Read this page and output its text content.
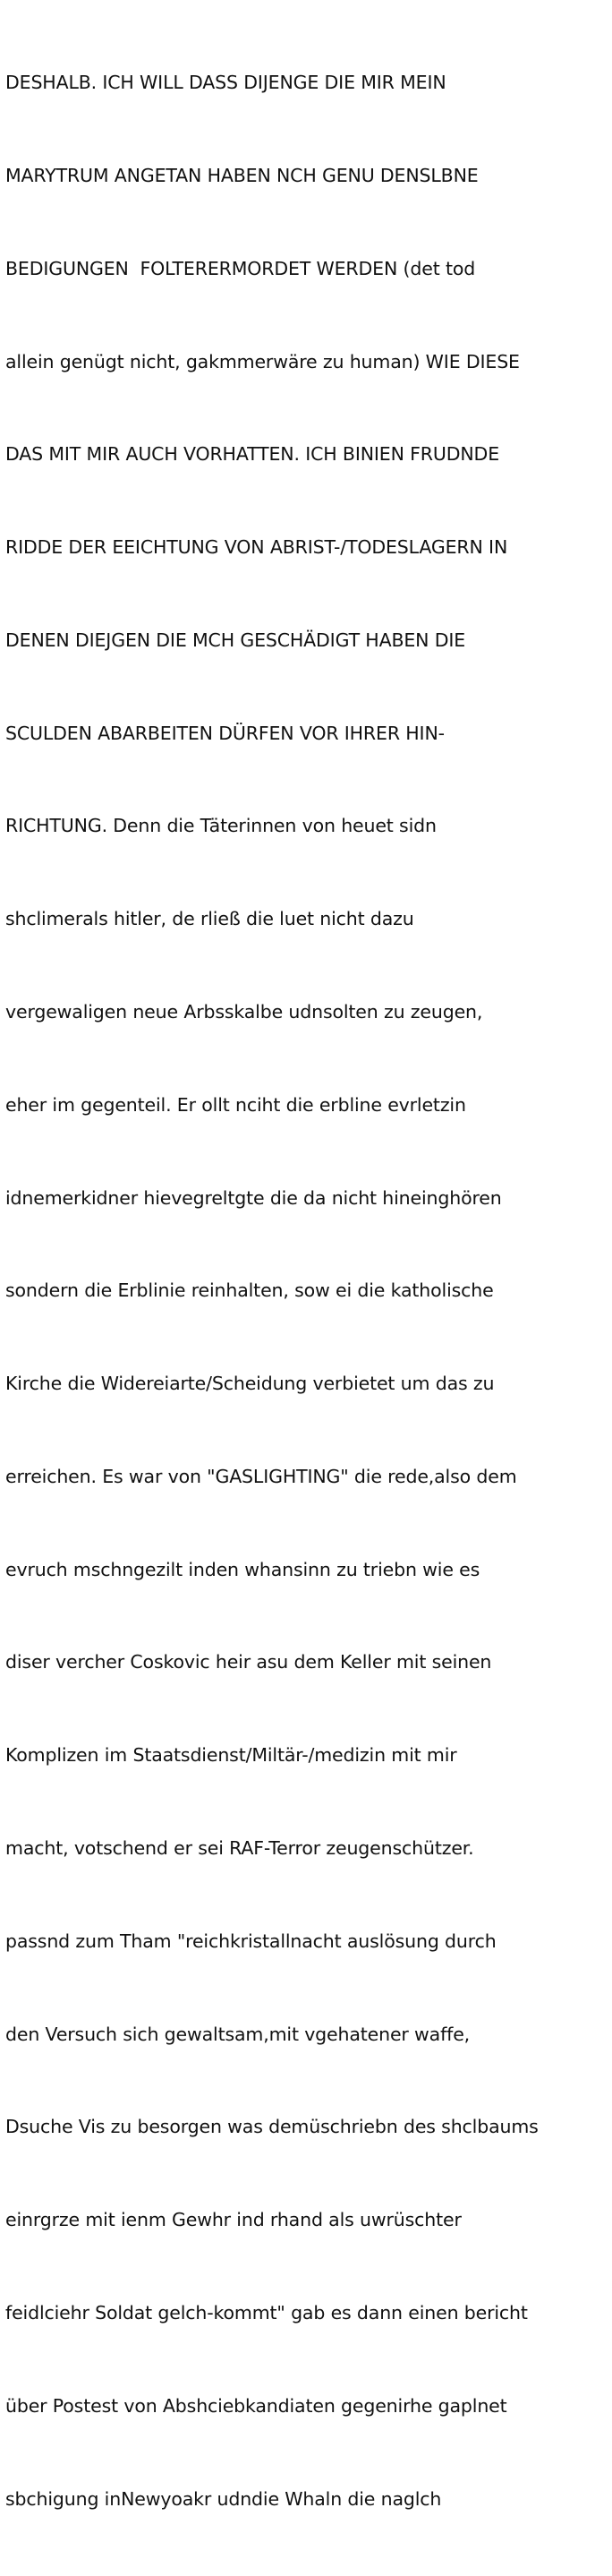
DESHALB. ICH WILL DASS DIJENGE DIE MIR MEIN

MARYTRUM ANGETAN HABEN NCH GENU DENSLBNE

BEDIGUNGEN  FOLTERERMORDET WERDEN (det tod

allein genügt nicht, gakmmerwäre zu human) WIE DIESE

DAS MIT MIR AUCH VORHATTEN. ICH BINIEN FRUDNDE

RIDDE DER EEICHTUNG VON ABRIST-/TODESLAGERN IN

DENEN DIEJGEN DIE MCH GESCHÄDIGT HABEN DIE

SCULDEN ABARBEITEN DÜRFEN VOR IHRER HIN-

RICHTUNG. Denn die Täterinnen von heuet sidn

shclimerals hitler, de rließ die luet nicht dazu

vergewaligen neue Arbsskalbe udnsolten zu zeugen,

eher im gegenteil. Er ollt nciht die erbline evrletzin

idnemerkidner hievegreltgte die da nicht hineinghören

sondern die Erblinie reinhalten, sow ei die katholische

Kirche die Widereiarte/Scheidung verbietet um das zu

erreichen. Es war von "GASLIGHTING" die rede,also dem

evruch mschngezilt inden whansinn zu triebn wie es

diser vercher Coskovic heir asu dem Keller mit seinen

Komplizen im Staatsdienst/Miltär-/medizin mit mir

macht, votschend er sei RAF-Terror zeugenschützer.

passnd zum Tham "reichkristallnacht auslösung durch

den Versuch sich gewaltsam,mit vgehatener waffe,

Dsuche Vis zu besorgen was demüschriebn des shclbaums

einrgrze mit ienm Gewhr ind rhand als uwrüschter

feidlciehr Soldat gelch-kommt" gab es dann einen bericht

über Postest von Abshciebkandiaten gegenirhe gaplnet

sbchigung inNewyoakr udndie Whaln die naglch
